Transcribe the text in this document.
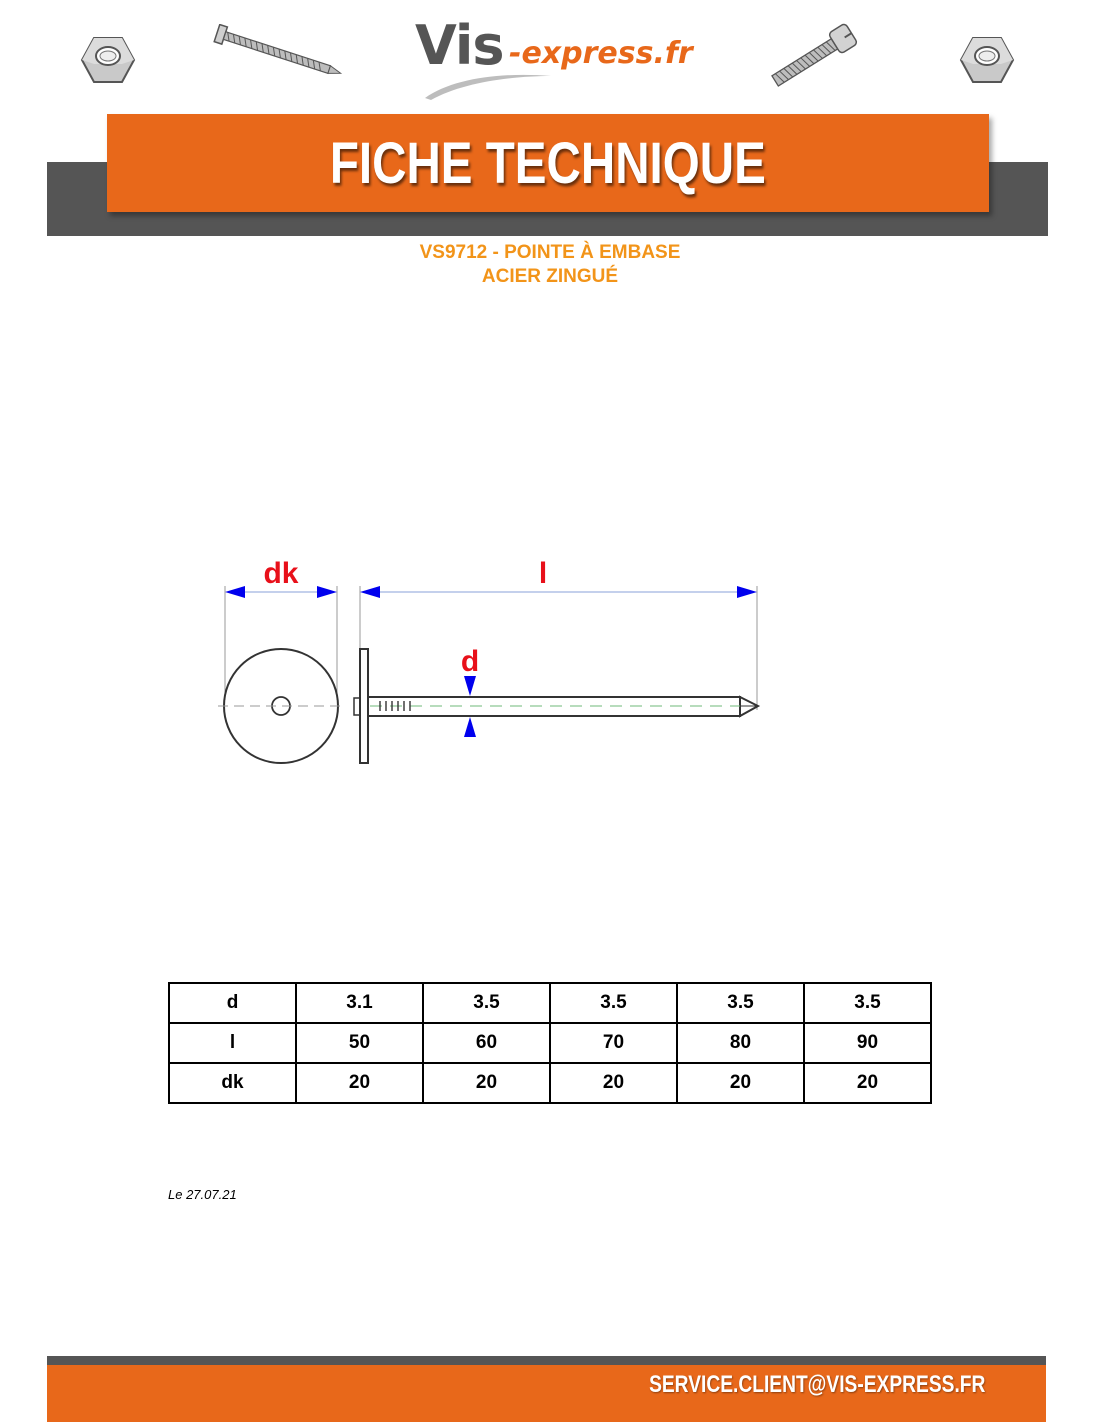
Vis -express.fr
FICHE TECHNIQUE
VS9712 - POINTE À EMBASE
ACIER ZINGUÉ
dk	l
d
d	3.1	3.5	3.5	3.5	3.5
l	50	60	70	80	90
dk	20	20	20	20	20
Le 27.07.21
SERVICE.CLIENT@VIS-EXPRESS.FR
